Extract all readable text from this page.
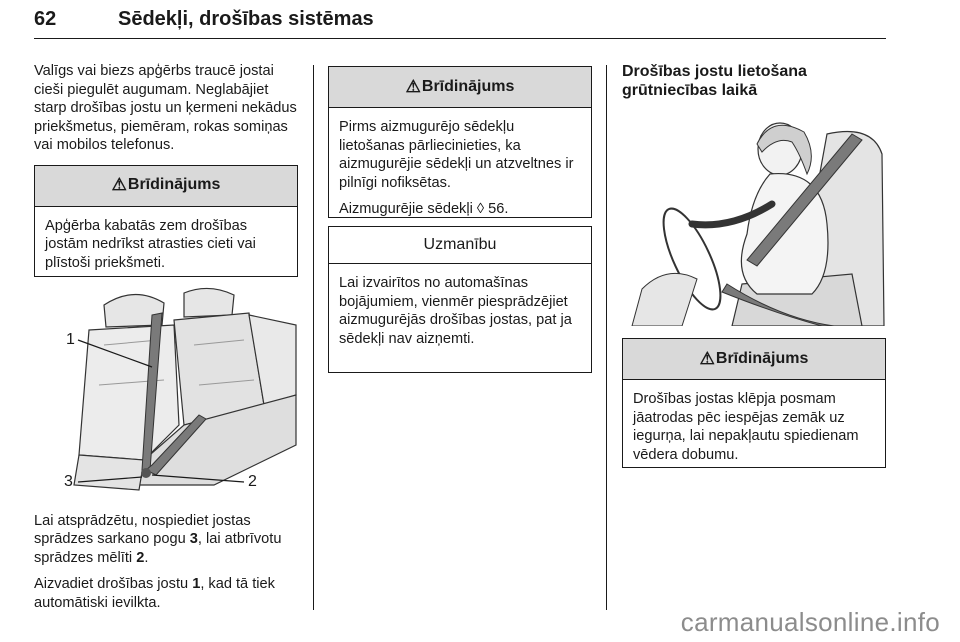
62	Sēdekļi, drošības sistēmas

Valīgs vai biezs apģērbs traucē jostai cieši piegulēt augumam. Neglabājiet starp drošības jostu un ķermeni nekādus priekšmetus, piemēram, rokas somiņas vai mobilos telefonus.

⚠ Brīdinājums

Apģērba kabatās zem drošības jostām nedrīkst atrasties cieti vai plīstoši priekšmeti.

1
2
3

Lai atsprādzētu, nospiediet jostas sprādzes sarkano pogu 3, lai atbrīvotu sprādzes mēlīti 2.

Aizvadiet drošības jostu 1, kad tā tiek automātiski ievilkta.

⚠ Brīdinājums

Pirms aizmugurējo sēdekļu lietošanas pārliecinieties, ka aizmugurējie sēdekļi un atzveltnes ir pilnīgi nofiksētas.

Aizmugurējie sēdekļi ◊ 56.

Uzmanību

Lai izvairītos no automašīnas bojājumiem, vienmēr piesprādzējiet aizmugurējās drošības jostas, pat ja sēdekļi nav aizņemti.

Drošības jostu lietošana grūtniecības laikā

⚠ Brīdinājums

Drošības jostas klēpja posmam jāatrodas pēc iespējas zemāk uz iegurņa, lai nepakļautu spiedienam vēdera dobumu.

carmanualsonline.info
